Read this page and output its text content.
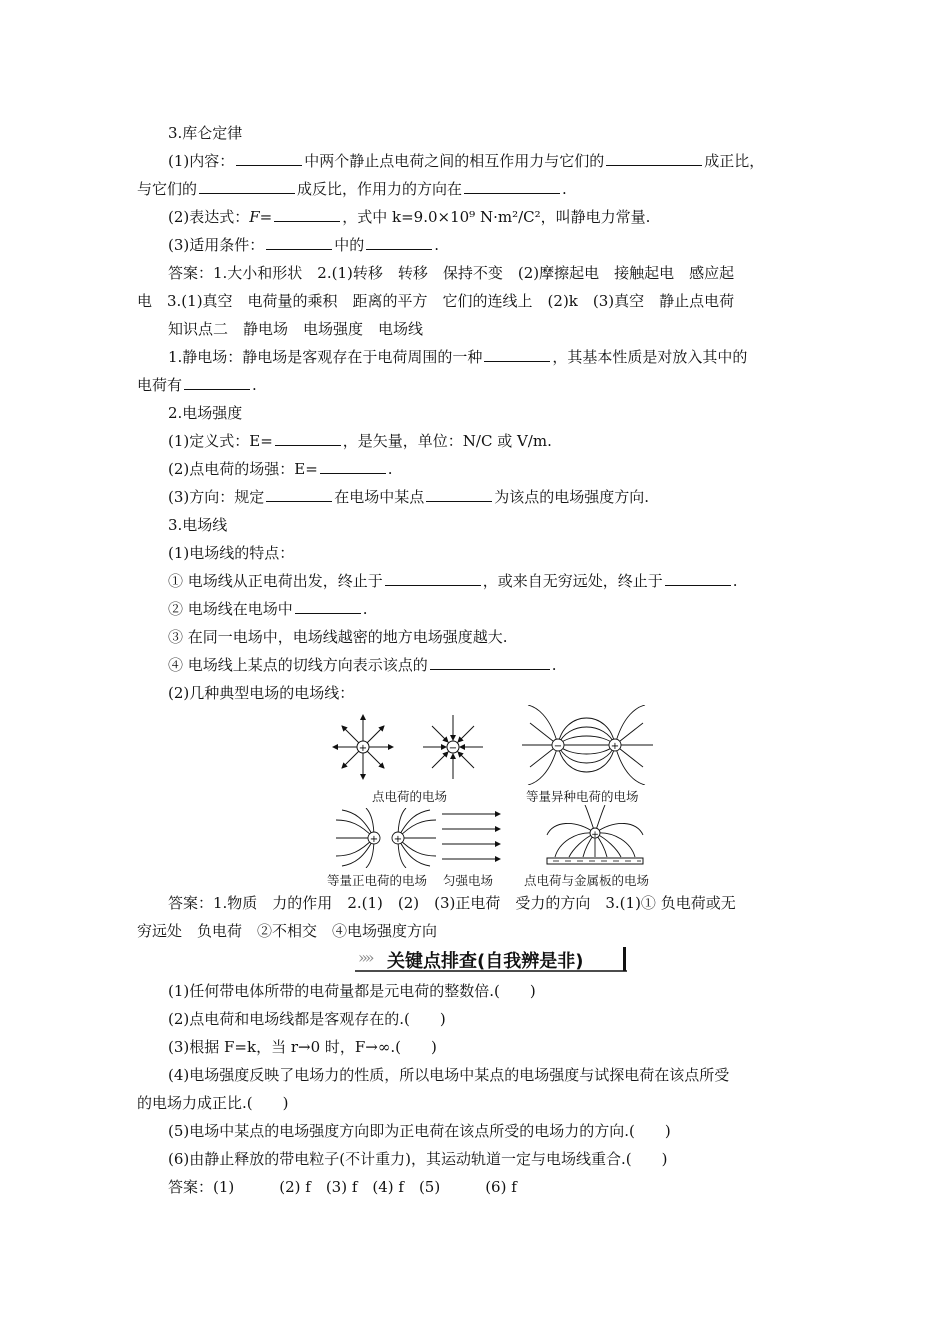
3.库仑定律
(1)内容：	中两个静止点电荷之间的相互作用力与它们的	成正比，
与它们的	成反比，作用力的方向在	.
(2)表达式：F=	，式中 k=9.0×10⁹ N·m²/C²，叫静电力常量.
(3)适用条件：	中的	.
答案：1.大小和形状　2.(1)转移　转移　保持不变　(2)摩擦起电　接触起电　感应起
电　3.(1)真空　电荷量的乘积　距离的平方　它们的连线上　(2)k　(3)真空　静止点电荷
知识点二　静电场　电场强度　电场线
1.静电场：静电场是客观存在于电荷周围的一种	，其基本性质是对放入其中的
电荷有	.
2.电场强度
(1)定义式：E=	，是矢量，单位：N/C 或 V/m.
(2)点电荷的场强：E=	.
(3)方向：规定	在电场中某点	为该点的电场强度方向.
3.电场线
(1)电场线的特点：
① 电场线从正电荷出发，终止于	，或来自无穷远处，终止于	.
② 电场线在电场中	.
③ 在同一电场中，电场线越密的地方电场强度越大.
④ 电场线上某点的切线方向表示该点的	.
(2)几种典型电场的电场线：
+	−
点电荷的电场
−	+
等量异种电荷的电场
+ +
等量正电荷的电场 匀强电场
+
点电荷与金属板的电场
答案：1.物质　力的作用　2.(1)　(2)　(3)正电荷　受力的方向　3.(1)① 负电荷或无
穷远处　负电荷　②不相交　④电场强度方向
»» 关键点排查(自我辨是非)
(1)任何带电体所带的电荷量都是元电荷的整数倍.(　　)
(2)点电荷和电场线都是客观存在的.(　　)
(3)根据 F=k，当 r→0 时，F→∞.(　　)
(4)电场强度反映了电场力的性质，所以电场中某点的电场强度与试探电荷在该点所受
的电场力成正比.(　　)
(5)电场中某点的电场强度方向即为正电荷在该点所受的电场力的方向.(　　)
(6)由静止释放的带电粒子(不计重力)，其运动轨道一定与电场线重合.(　　)
答案：(1)　　　(2) f　(3) f　(4) f　(5)　　　(6) f
